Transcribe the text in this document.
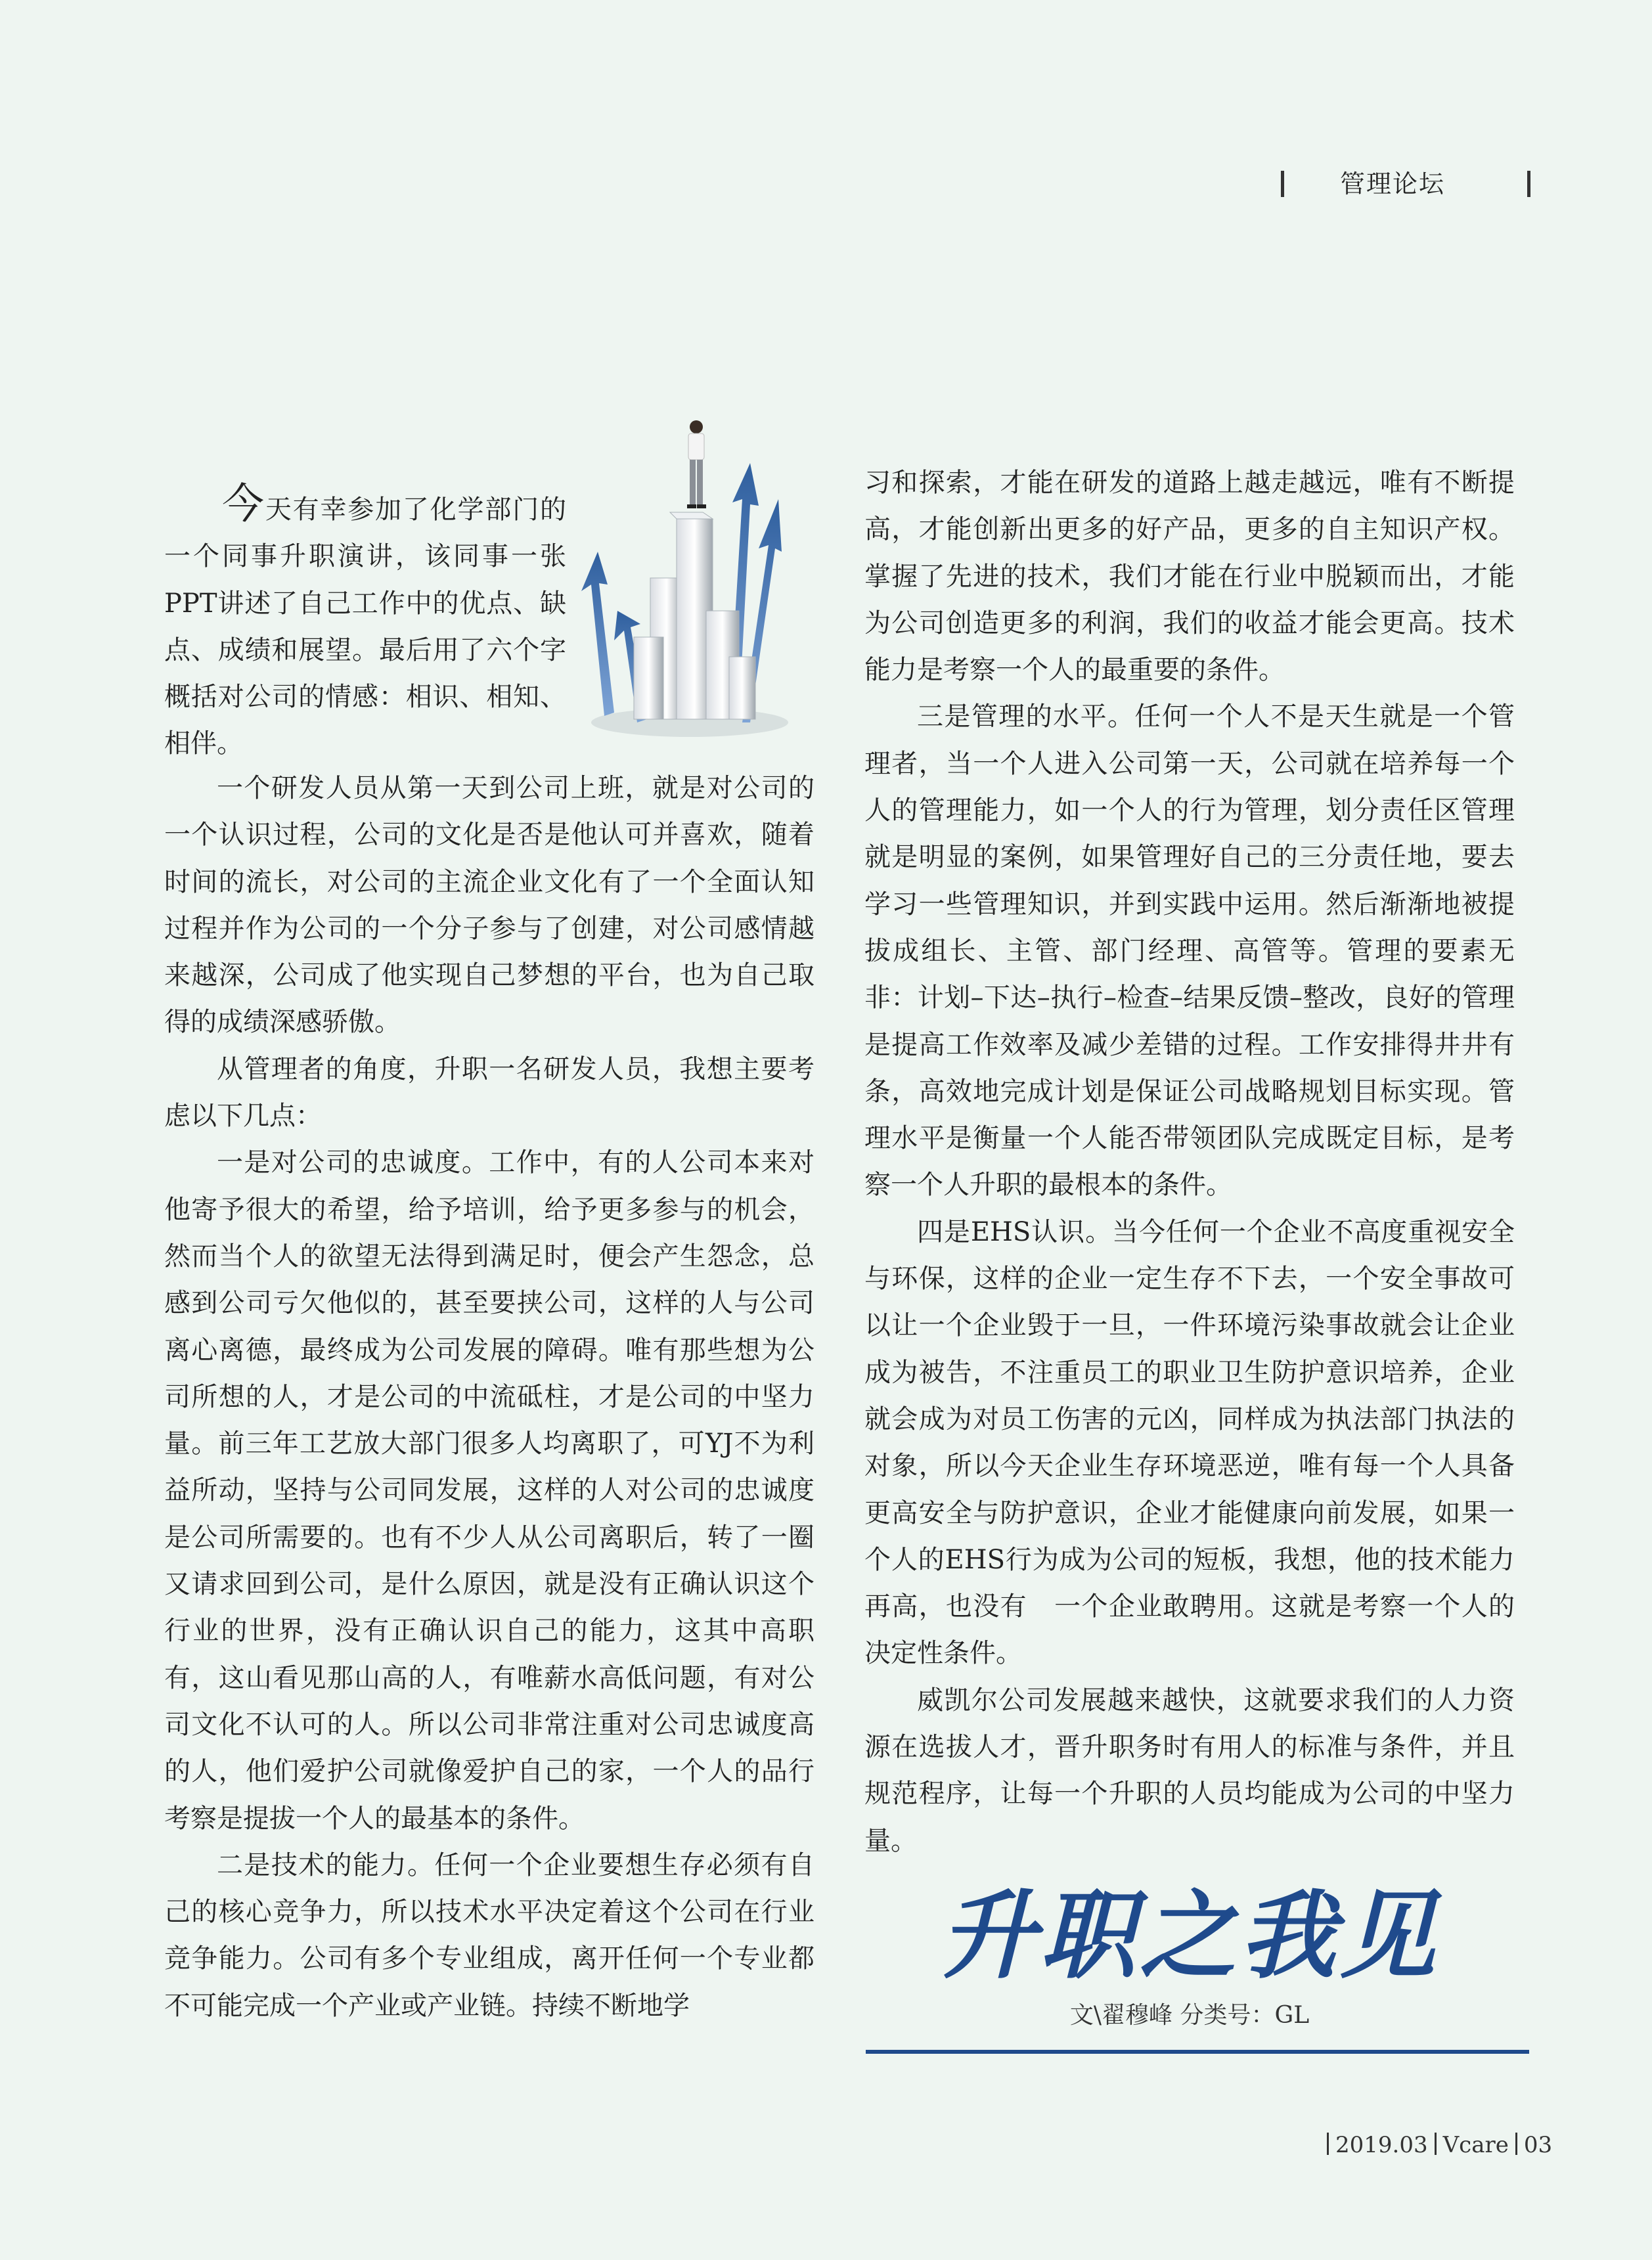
管理论坛

今天有幸参加了化学部门的一个同事升职演讲，该同事一张PPT讲述了自己工作中的优点、缺点、成绩和展望。最后用了六个字概括对公司的情感：相识、相知、相伴。

一个研发人员从第一天到公司上班，就是对公司的一个认识过程，公司的文化是否是他认可并喜欢，随着时间的流长，对公司的主流企业文化有了一个全面认知过程并作为公司的一个分子参与了创建，对公司感情越来越深，公司成了他实现自己梦想的平台，也为自己取得的成绩深感骄傲。

从管理者的角度，升职一名研发人员，我想主要考虑以下几点：

一是对公司的忠诚度。工作中，有的人公司本来对他寄予很大的希望，给予培训，给予更多参与的机会，然而当个人的欲望无法得到满足时，便会产生怨念，总感到公司亏欠他似的，甚至要挟公司，这样的人与公司离心离德，最终成为公司发展的障碍。唯有那些想为公司所想的人，才是公司的中流砥柱，才是公司的中坚力量。前三年工艺放大部门很多人均离职了，可YJ不为利益所动，坚持与公司同发展，这样的人对公司的忠诚度是公司所需要的。也有不少人从公司离职后，转了一圈又请求回到公司，是什么原因，就是没有正确认识这个行业的世界，没有正确认识自己的能力，这其中高职有，这山看见那山高的人，有唯薪水高低问题，有对公司文化不认可的人。所以公司非常注重对公司忠诚度高的人，他们爱护公司就像爱护自己的家，一个人的品行考察是提拔一个人的最基本的条件。

二是技术的能力。任何一个企业要想生存必须有自己的核心竞争力，所以技术水平决定着这个公司在行业竞争能力。公司有多个专业组成，离开任何一个专业都不可能完成一个产业或产业链。持续不断地学

习和探索，才能在研发的道路上越走越远，唯有不断提高，才能创新出更多的好产品，更多的自主知识产权。掌握了先进的技术，我们才能在行业中脱颖而出，才能为公司创造更多的利润，我们的收益才能会更高。技术能力是考察一个人的最重要的条件。

三是管理的水平。任何一个人不是天生就是一个管理者，当一个人进入公司第一天，公司就在培养每一个人的管理能力，如一个人的行为管理，划分责任区管理就是明显的案例，如果管理好自己的三分责任地，要去学习一些管理知识，并到实践中运用。然后渐渐地被提拔成组长、主管、部门经理、高管等。管理的要素无非：计划–下达–执行–检查–结果反馈–整改，良好的管理是提高工作效率及减少差错的过程。工作安排得井井有条，高效地完成计划是保证公司战略规划目标实现。管理水平是衡量一个人能否带领团队完成既定目标，是考察一个人升职的最根本的条件。

四是EHS认识。当今任何一个企业不高度重视安全与环保，这样的企业一定生存不下去，一个安全事故可以让一个企业毁于一旦，一件环境污染事故就会让企业成为被告，不注重员工的职业卫生防护意识培养，企业就会成为对员工伤害的元凶，同样成为执法部门执法的对象，所以今天企业生存环境恶逆，唯有每一个人具备更高安全与防护意识，企业才能健康向前发展，如果一个人的EHS行为成为公司的短板，我想，他的技术能力再高，也没有　一个企业敢聘用。这就是考察一个人的决定性条件。

威凯尔公司发展越来越快，这就要求我们的人力资源在选拔人才，晋升职务时有用人的标准与条件，并且规范程序，让每一个升职的人员均能成为公司的中坚力量。

升职之我见
文\翟穆峰 分类号：GL
2019.03 Vcare 03
